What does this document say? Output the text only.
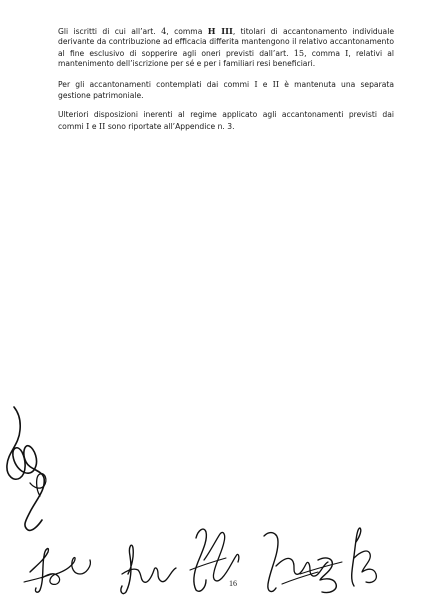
Gli iscritti di cui all’art. 4, comma H III, titolari di accantonamento individuale derivante da contribuzione ad efficacia differita mantengono il relativo accantonamento al fine esclusivo di sopperire agli oneri previsti dall’art. 15, comma I, relativi al mantenimento dell’iscrizione per sé e per i familiari resi beneficiari.

Per gli accantonamenti contemplati dai commi I e II è mantenuta una separata gestione patrimoniale.

Ulteriori disposizioni inerenti al regime applicato agli accantonamenti previsti dai commi I e II sono riportate all’Appendice n. 3.

16
